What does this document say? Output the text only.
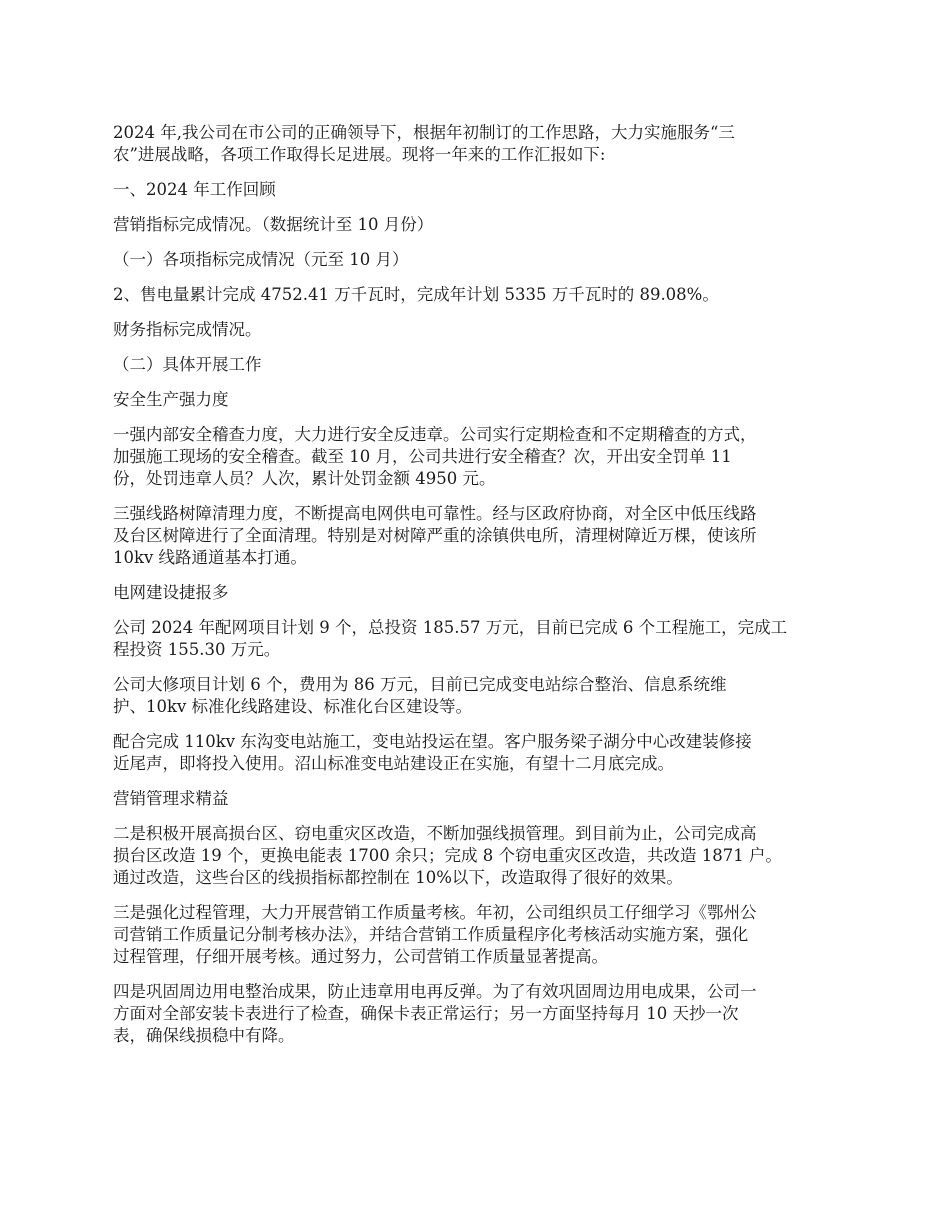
2024 年,我公司在市公司的正确领导下，根据年初制订的工作思路，大力实施服务“三
农”进展战略，各项工作取得长足进展。现将一年来的工作汇报如下:

一、2024 年工作回顾

营销指标完成情况。（数据统计至 10 月份）

（一）各项指标完成情况（元至 10 月）

2、售电量累计完成 4752.41 万千瓦时，完成年计划 5335 万千瓦时的 89.08%。

财务指标完成情况。

（二）具体开展工作

安全生产强力度

一强内部安全稽查力度，大力进行安全反违章。公司实行定期检查和不定期稽查的方式，
加强施工现场的安全稽查。截至 10 月，公司共进行安全稽查？次，开出安全罚单 11
份，处罚违章人员？人次，累计处罚金额 4950 元。

三强线路树障清理力度，不断提高电网供电可靠性。经与区政府协商，对全区中低压线路
及台区树障进行了全面清理。特别是对树障严重的涂镇供电所，清理树障近万棵，使该所
10kv 线路通道基本打通。

电网建设捷报多

公司 2024 年配网项目计划 9 个，总投资 185.57 万元，目前已完成 6 个工程施工，完成工
程投资 155.30 万元。

公司大修项目计划 6 个，费用为 86 万元，目前已完成变电站综合整治、信息系统维
护、10kv 标准化线路建设、标准化台区建设等。

配合完成 110kv 东沟变电站施工，变电站投运在望。客户服务梁子湖分中心改建装修接
近尾声，即将投入使用。沼山标准变电站建设正在实施，有望十二月底完成。

营销管理求精益

二是积极开展高损台区、窃电重灾区改造，不断加强线损管理。到目前为止，公司完成高
损台区改造 19 个，更换电能表 1700 余只；完成 8 个窃电重灾区改造，共改造 1871 户。
通过改造，这些台区的线损指标都控制在 10%以下，改造取得了很好的效果。

三是强化过程管理，大力开展营销工作质量考核。年初，公司组织员工仔细学习《鄂州公
司营销工作质量记分制考核办法》，并结合营销工作质量程序化考核活动实施方案，强化
过程管理，仔细开展考核。通过努力，公司营销工作质量显著提高。

四是巩固周边用电整治成果，防止违章用电再反弹。为了有效巩固周边用电成果，公司一
方面对全部安装卡表进行了检查，确保卡表正常运行；另一方面坚持每月 10 天抄一次
表，确保线损稳中有降。
